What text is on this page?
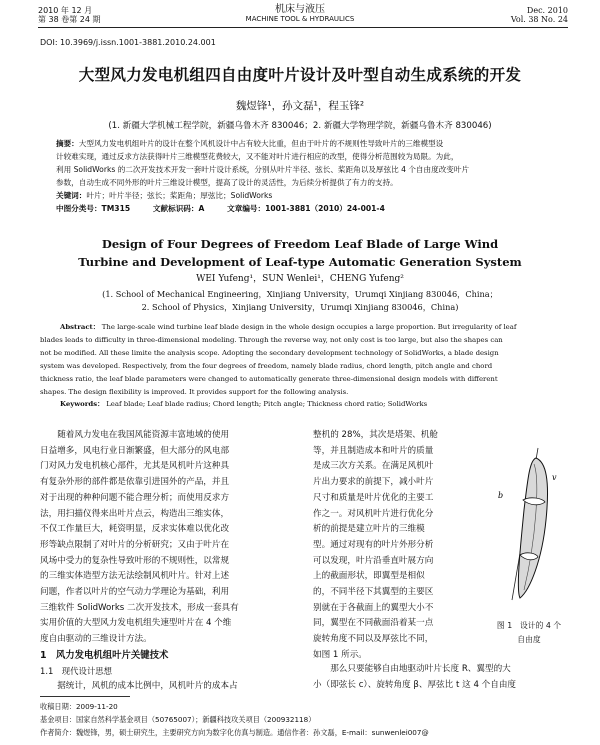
2010 年 12 月
第 38 卷第 24 期
机床与液压
MACHINE TOOL & HYDRAULICS
Dec. 2010
Vol. 38 No. 24
DOI: 10.3969/j.issn.1001-3881.2010.24.001
大型风力发电机组四自由度叶片设计及叶型自动生成系统的开发
魏煜锋¹，孙文磊¹，程玉锋²
(1. 新疆大学机械工程学院，新疆乌鲁木齐 830046；2. 新疆大学物理学院，新疆乌鲁木齐 830046)
摘要：大型风力发电机组叶片的设计在整个风机设计中占有较大比重，但由于叶片的不规则性导致叶片的三维模型设
计较难实现，通过反求方法获得叶片三维模型花费较大，又不能对叶片进行相应的改型，使得分析范围较为局限。为此，
利用 SolidWorks 的二次开发技术开发一套叶片设计系统，分别从叶片半径、弦长、桨距角以及厚弦比 4 个自由度改变叶片
参数，自动生成不同外形的叶片三维设计模型，提高了设计的灵活性，为后续分析提供了有力的支持。
关键词：叶片；叶片半径；弦长；桨距角；厚弦比；SolidWorks
中图分类号：TM315　　　文献标识码：A　　　文章编号：1001-3881（2010）24-001-4
Design of Four Degrees of Freedom Leaf Blade of Large Wind
Turbine and Development of Leaf-type Automatic Generation System
WEI Yufeng¹，SUN Wenlei¹，CHENG Yufeng²
(1. School of Mechanical Engineering，Xinjiang University，Urumqi Xinjiang 830046，China；
2. School of Physics，Xinjiang University，Urumqi Xinjiang 830046，China)
Abstract： The large-scale wind turbine leaf blade design in the whole design occupies a large proportion. But irregularity of leaf
blades leads to difficulty in three-dimensional modeling. Through the reverse way, not only cost is too large, but also the shapes can
not be modified. All these limite the analysis scope. Adopting the secondary development technology of SolidWorks, a blade design
system was developed. Respectively, from the four degrees of freedom, namely blade radius, chord length, pitch angle and chord
thickness ratio, the leaf blade parameters were changed to automatically generate three-dimensional design models with different
shapes. The design flexibility is improved. It provides support for the following analysis.
Keywords： Leaf blade; Leaf blade radius; Chord length; Pitch angle; Thickness chord ratio; SolidWorks
　　随着风力发电在我国风能资源丰富地域的使用
日益增多，风电行业日渐繁盛，但大部分的风电部
门对风力发电机核心部件，尤其是风机叶片这种具
有复杂外形的部件都是依靠引进国外的产品，并且
对于出现的种种问题不能合理分析；而使用反求方
法，用扫描仪得来出叶片点云，构造出三维实体，
不仅工作量巨大，耗资明显，反求实体难以优化改
形等缺点限制了对叶片的分析研究；又由于叶片在
风场中受力的复杂性导致叶形的不规则性，以常规
的三维实体造型方法无法绘制风机叶片。针对上述
问题，作者以叶片的空气动力学理论为基础，利用
三维软件 SolidWorks 二次开发技术，形成一套具有
实用价值的大型风力发电机组失速型叶片在 4 个维
度自由驱动的三维设计方法。
1　风力发电机组叶片关键技术
1.1　现代设计思想
　　据统计，风机的成本比例中，风机叶片的成本占
整机的 28%，其次是塔架、机舱
等，并且制造成本和叶片的质量
是成三次方关系。在满足风机叶
片出力要求的前提下，减小叶片
尺寸和质量是叶片优化的主要工
作之一。对风机叶片进行优化分
析的前提是建立叶片的三维模
型。通过对现有的叶片外形分析
可以发现，叶片沿垂直叶展方向
上的截面形状，即翼型是相似
的，不同半径下其翼型的主要区
别就在于各截面上的翼型大小不
同，翼型在不同截面沿着某一点
旋转角度不同以及厚弦比不同，
如图 1 所示。
b
v
图 1　设计的 4 个
自由度
　　那么只要能够自由地驱动叶片长度 R、翼型的大
小（即弦长 c）、旋转角度 β、厚弦比 t 这 4 个自由度
收稿日期：2009-11-20
基金项目：国家自然科学基金项目（50765007）；新疆科技攻关项目（200932118）
作者简介：魏煜锋，男，硕士研究生，主要研究方向为数字化仿真与制造。通信作者：孙文磊，E-mail：sunwenlei007@
